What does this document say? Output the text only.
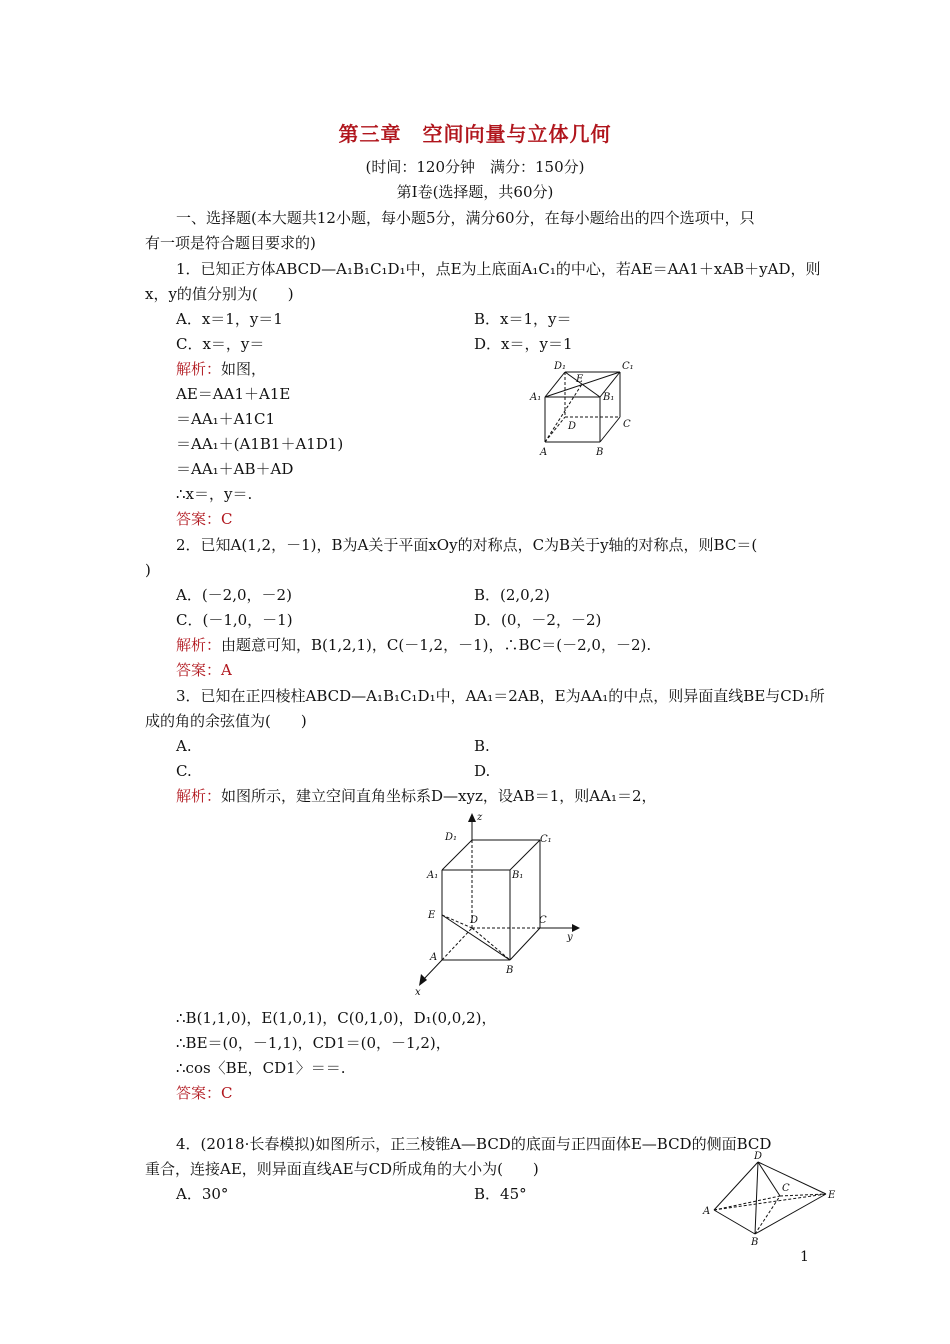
第三章　空间向量与立体几何
(时间：120分钟　满分：150分)
第Ⅰ卷(选择题，共60分)
一、选择题(本大题共12小题，每小题5分，满分60分，在每小题给出的四个选项中，只
有一项是符合题目要求的)
1．已知正方体ABCD—A₁B₁C₁D₁中，点E为上底面A₁C₁的中心，若AE＝AA1＋xAB＋yAD，则
x，y的值分别为(　　)
A．x＝1，y＝1	B．x＝1，y＝
C．x＝，y＝	D．x＝，y＝1
解析：如图，
AE＝AA1＋A1E
＝AA₁＋A1C1
＝AA₁＋(A1B1＋A1D1)
＝AA₁＋AB＋AD
∴x＝，y＝.
答案：C
D₁	C₁
A₁	B₁
E
D	C
A	B
2．已知A(1,2，－1)，B为A关于平面xOy的对称点，C为B关于y轴的对称点，则BC＝(
)
A．(－2,0，－2)	B．(2,0,2)
C．(－1,0，－1)	D．(0，－2，－2)
解析：由题意可知，B(1,2,1)，C(－1,2，－1)，∴BC＝(－2,0，－2).
答案：A
3．已知在正四棱柱ABCD—A₁B₁C₁D₁中，AA₁＝2AB，E为AA₁的中点，则异面直线BE与CD₁所
成的角的余弦值为(　　)
A.	B.
C.	D.
解析：如图所示，建立空间直角坐标系D—xyz，设AB＝1，则AA₁＝2，
z
y
x
D₁	C₁
A₁	B₁
E	D	C
A
B
∴B(1,1,0)，E(1,0,1)，C(0,1,0)，D₁(0,0,2)，
∴BE＝(0，－1,1)，CD1＝(0，－1,2)，
∴cos〈BE，CD1〉＝＝.
答案：C
4．(2018·长春模拟)如图所示，正三棱锥A—BCD的底面与正四面体E—BCD的侧面BCD
重合，连接AE，则异面直线AE与CD所成角的大小为(　　)
A．30°	B．45°
D
C
E
A
B
1
